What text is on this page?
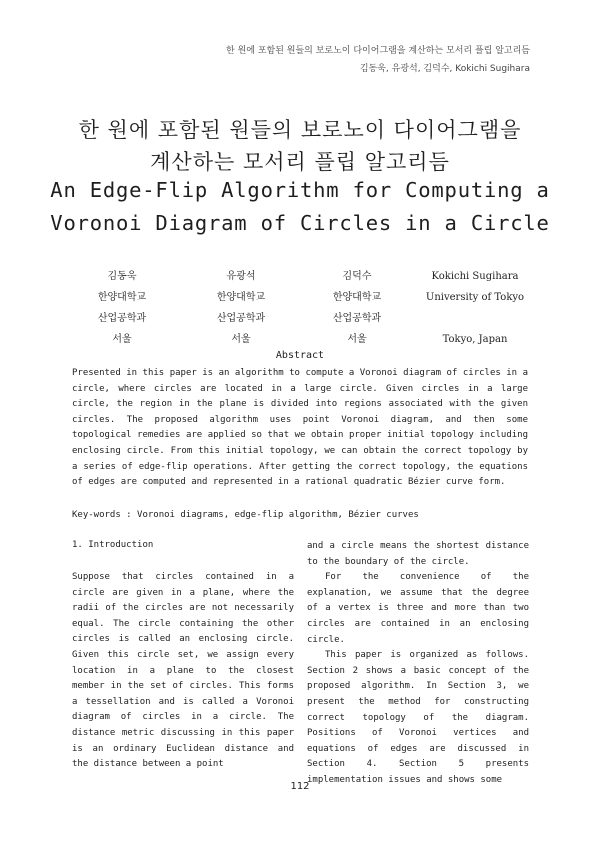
한 원에 포함된 원들의 보로노이 다이어그램을 계산하는 모서리 플립 알고리듬
김동욱, 유광석, 김덕수, Kokichi Sugihara
한 원에 포함된 원들의 보로노이 다이어그램을
계산하는 모서리 플립 알고리듬
An Edge-Flip Algorithm for Computing a
Voronoi Diagram of Circles in a Circle
김동욱
한양대학교
산업공학과
서울
유광석
한양대학교
산업공학과
서울
김덕수
한양대학교
산업공학과
서울
Kokichi Sugihara
University of Tokyo
Tokyo, Japan
Abstract
Presented in this paper is an algorithm to compute a Voronoi diagram of circles in a circle, where circles are located in a large circle. Given circles in a large circle, the region in the plane is divided into regions associated with the given circles. The proposed algorithm uses point Voronoi diagram, and then some topological remedies are applied so that we obtain proper initial topology including enclosing circle. From this initial topology, we can obtain the correct topology by a series of edge-flip operations. After getting the correct topology, the equations of edges are computed and represented in a rational quadratic Bézier curve form.
Key-words : Voronoi diagrams, edge-flip algorithm, Bézier curves
1. Introduction

Suppose that circles contained in a circle are given in a plane, where the radii of the circles are not necessarily equal. The circle containing the other circles is called an enclosing circle. Given this circle set, we assign every location in a plane to the closest member in the set of circles. This forms a tessellation and is called a Voronoi diagram of circles in a circle. The distance metric discussing in this paper is an ordinary Euclidean distance and the distance between a point

and a circle means the shortest distance to the boundary of the circle.

For the convenience of the explanation, we assume that the degree of a vertex is three and more than two circles are contained in an enclosing circle.

This paper is organized as follows. Section 2 shows a basic concept of the proposed algorithm. In Section 3, we present the method for constructing correct topology of the diagram. Positions of Voronoi vertices and equations of edges are discussed in Section 4. Section 5 presents implementation issues and shows some

112
